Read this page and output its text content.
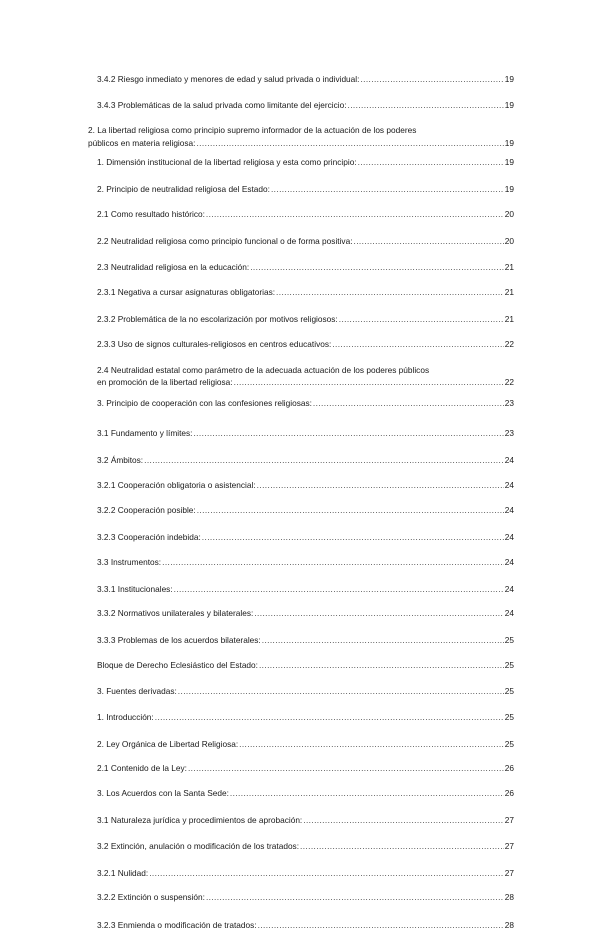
3.4.2 Riesgo inmediato y menores de edad y salud privada o individual: .....	19
3.4.3 Problemáticas de la salud privada como limitante del ejercicio: .....	19
2. La libertad religiosa como principio supremo informador de la actuación de los poderes
públicos en materia religiosa: .....	19
1. Dimensión institucional de la libertad religiosa y esta como principio: .....	19
2. Principio de neutralidad religiosa del Estado: .....	19
2.1 Como resultado histórico: .....	20
2.2 Neutralidad religiosa como principio funcional o de forma positiva: .....	20
2.3 Neutralidad religiosa en la educación: .....	21
2.3.1 Negativa a cursar asignaturas obligatorias: .....	21
2.3.2 Problemática de la no escolarización por motivos religiosos: .....	21
2.3.3 Uso de signos culturales-religiosos en centros educativos: .....	22
2.4 Neutralidad estatal como parámetro de la adecuada actuación de los poderes públicos
en promoción de la libertad religiosa: .....	22
3. Principio de cooperación con las confesiones religiosas: .....	23
3.1 Fundamento y límites: .....	23
3.2 Ámbitos: .....	24
3.2.1 Cooperación obligatoria o asistencial: .....	24
3.2.2 Cooperación posible: .....	24
3.2.3 Cooperación indebida: .....	24
3.3 Instrumentos: .....	24
3.3.1 Institucionales: .....	24
3.3.2 Normativos unilaterales y bilaterales: .....	24
3.3.3 Problemas de los acuerdos bilaterales: .....	25
Bloque de Derecho Eclesiástico del Estado: .....	25
3. Fuentes derivadas: .....	25
1. Introducción: .....	25
2. Ley Orgánica de Libertad Religiosa: .....	25
2.1 Contenido de la Ley: .....	26
3. Los Acuerdos con la Santa Sede: .....	26
3.1 Naturaleza jurídica y procedimientos de aprobación: .....	27
3.2 Extinción, anulación o modificación de los tratados: .....	27
3.2.1 Nulidad: .....	27
3.2.2 Extinción o suspensión: .....	28
3.2.3 Enmienda o modificación de tratados: .....	28
